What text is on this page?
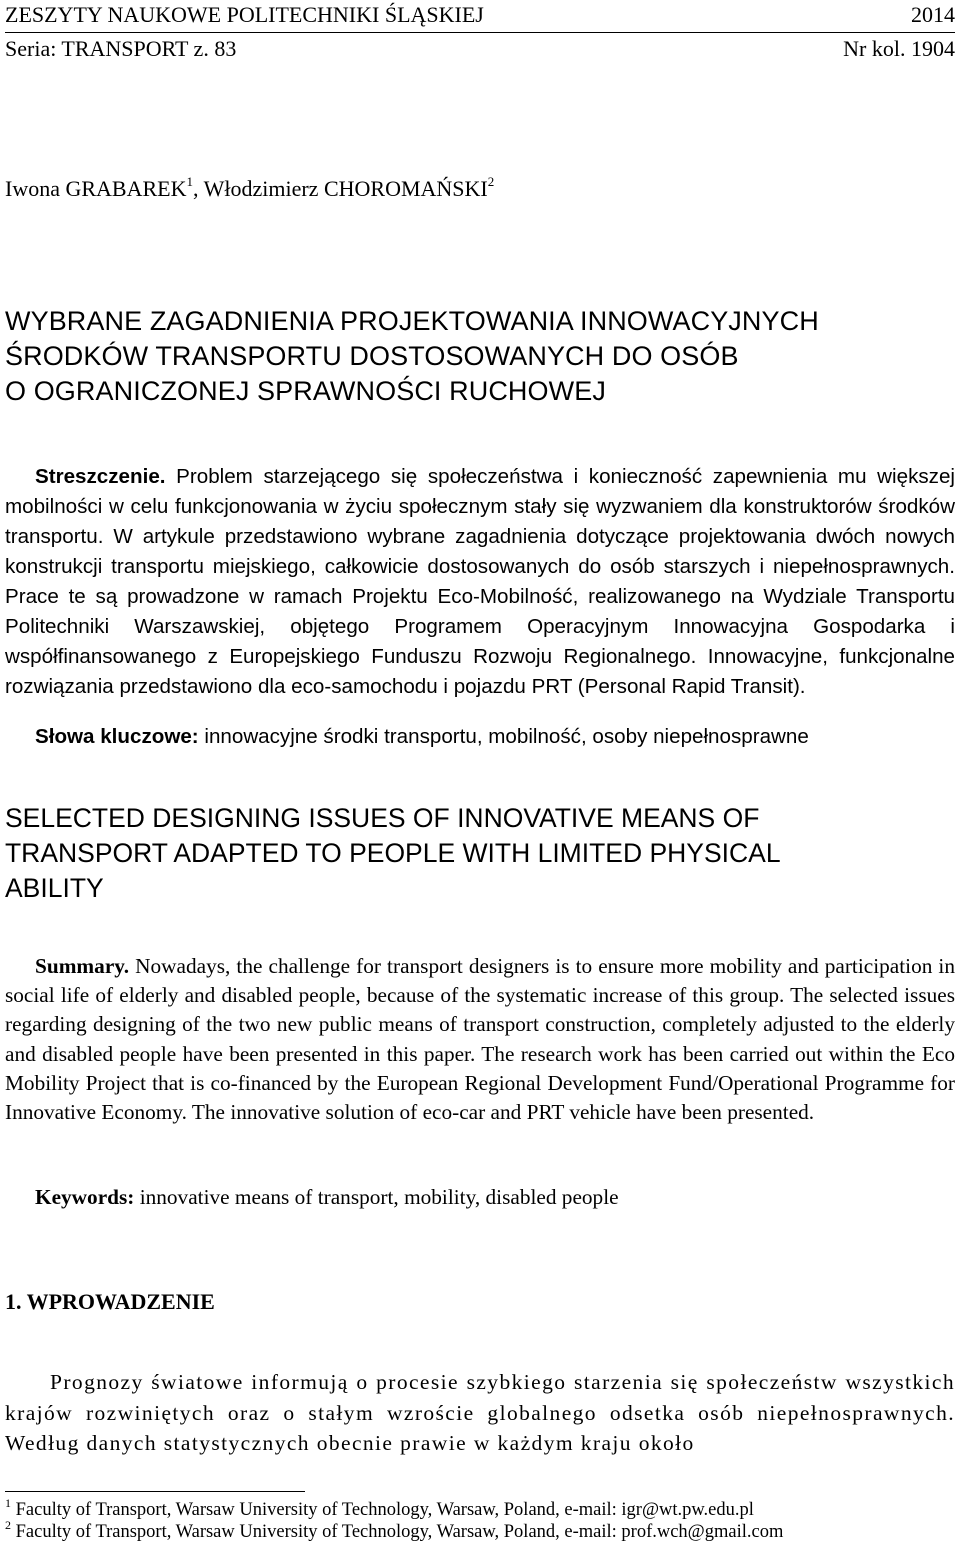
ZESZYTY NAUKOWE POLITECHNIKI ŚLĄSKIEJ	2014
Seria: TRANSPORT z. 83	Nr kol. 1904
Iwona GRABAREK$^1$, Włodzimierz CHOROMAŃSKI$^2$
WYBRANE ZAGADNIENIA PROJEKTOWANIA INNOWACYJNYCH
ŚRODKÓW TRANSPORTU DOSTOSOWANYCH DO OSÓB
O OGRANICZONEJ SPRAWNOŚCI RUCHOWEJ
Streszczenie. Problem starzejącego się społeczeństwa i konieczność zapewnienia mu większej mobilności w celu funkcjonowania w życiu społecznym stały się wyzwaniem dla konstruktorów środków transportu. W artykule przedstawiono wybrane zagadnienia dotyczące projektowania dwóch nowych konstrukcji transportu miejskiego, całkowicie dostosowanych do osób starszych i niepełnosprawnych. Prace te są prowadzone w ramach Projektu Eco-Mobilność, realizowanego na Wydziale Transportu Politechniki Warszawskiej, objętego Programem Operacyjnym Innowacyjna Gospodarka i współfinansowanego z Europejskiego Funduszu Rozwoju Regionalnego. Innowacyjne, funkcjonalne rozwiązania przedstawiono dla eco-samochodu i pojazdu PRT (Personal Rapid Transit).
Słowa kluczowe: innowacyjne środki transportu, mobilność, osoby niepełnosprawne
SELECTED DESIGNING ISSUES OF INNOVATIVE MEANS OF
TRANSPORT ADAPTED TO PEOPLE WITH LIMITED PHYSICAL
ABILITY
Summary. Nowadays, the challenge for transport designers is to ensure more mobility and participation in social life of elderly and disabled people, because of the systematic increase of this group. The selected issues regarding designing of the two new public means of transport construction, completely adjusted to the elderly and disabled people have been presented in this paper. The research work has been carried out within the Eco Mobility Project that is co-financed by the European Regional Development Fund/Operational Programme for Innovative Economy. The innovative solution of eco-car and PRT vehicle have been presented.
Keywords: innovative means of transport, mobility, disabled people
1. WPROWADZENIE
Prognozy światowe informują o procesie szybkiego starzenia się społeczeństw wszystkich krajów rozwiniętych oraz o stałym wzroście globalnego odsetka osób niepełnosprawnych. Według danych statystycznych obecnie prawie w każdym kraju około
$^1$ Faculty of Transport, Warsaw University of Technology, Warsaw, Poland, e-mail: igr@wt.pw.edu.pl
$^2$ Faculty of Transport, Warsaw University of Technology, Warsaw, Poland, e-mail: prof.wch@gmail.com
